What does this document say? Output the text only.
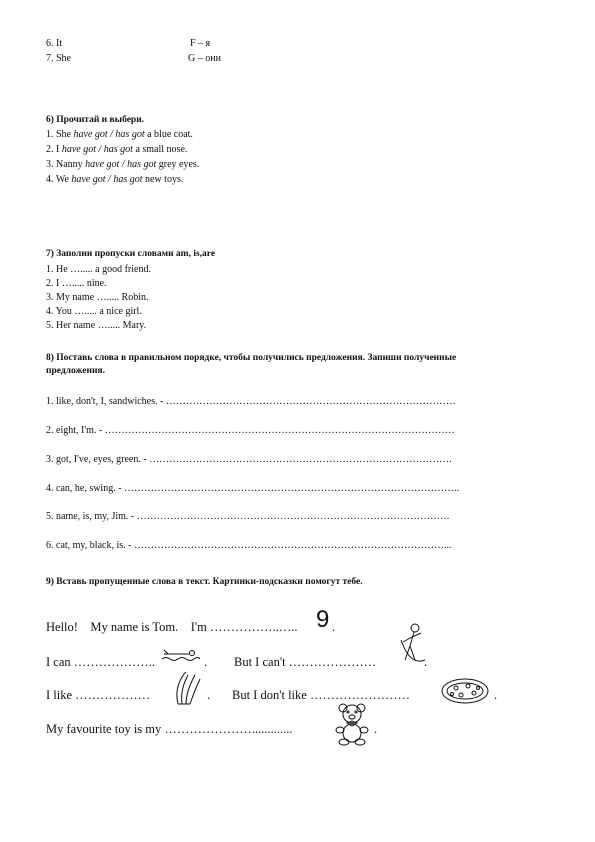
6. It	F – я
7. She	G – они
6) Прочитай и выбери.
1. She have got / has got a blue coat.
2. I have got / has got a small nose.
3. Nanny have got / has got grey eyes.
4. We have got / has got new toys.
7) Заполни пропуски словами am, is,are
1. He …..... a good friend.
2. I …..... nine.
3. My name …..... Robin.
4. You …..... a nice girl.
5. Her name …..... Mary.
8) Поставь слова в правильном порядке, чтобы получились предложения. Запиши полученные
предложения.
1. like, don't, I, sandwiches. - ……………………………………………………………………………
2. eight, I'm. - ……………………………………………………………………………………………
3. got, I've, eyes, green. - ……………………………………………………………………………….
4. can, he, swing. - ………………………………………………………………………………………..
5. name, is, my, Jim. - ………………………………………………………………………………….
6. cat, my, black, is. - …………………………………………………………………………………...
9) Вставь пропущенные слова в текст. Картинки-подсказки помогут тебе.
Hello!    My name is Tom.    I'm ……………..….. 9 .
I can ………………..	. But I can't …………………	.
I like ………………	. But I don't like ……………………	.
My favourite toy is my ………………….............	.
